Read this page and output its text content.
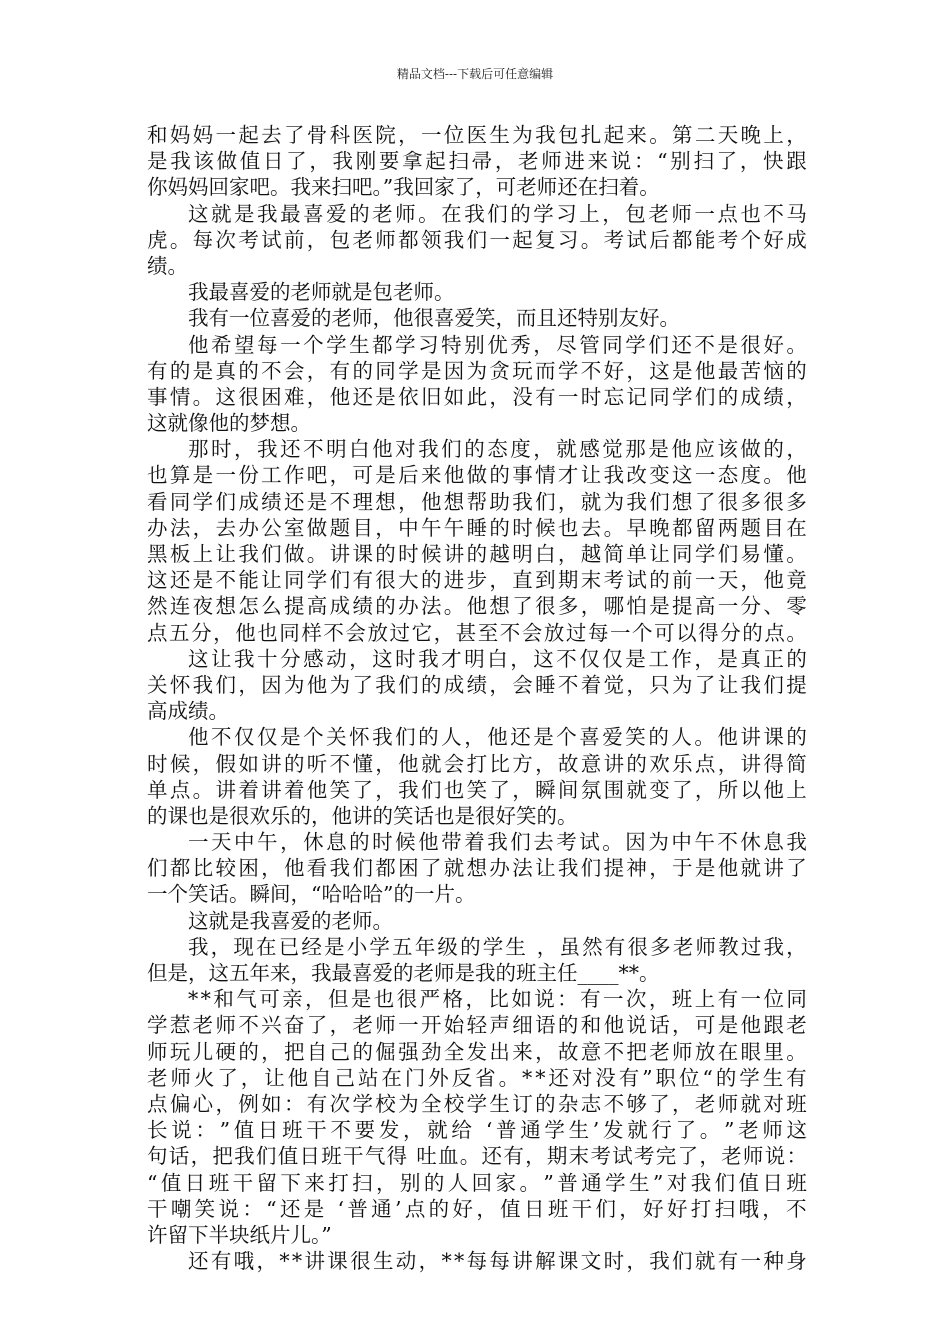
精品文档---下载后可任意编辑
和 妈 妈 一 起 去 了 骨 科 医 院 ， 一 位 医 生 为 我 包 扎 起 来 。 第 二 天 晚 上 ，
是 我 该 做 值 日 了 ， 我 刚 要 拿 起 扫 帚 ， 老 师 进 来 说 ： “ 别 扫 了 ， 快 跟
你妈妈回家吧。我来扫吧。”我回家了，可老师还在扫着。
这 就 是 我 最 喜 爱 的 老 师 。 在 我 们 的 学 习 上 ， 包 老 师 一 点 也 不 马
虎 。 每 次 考 试 前 ， 包 老 师 都 领 我 们 一 起 复 习 。 考 试 后 都 能 考 个 好 成
绩。
我最喜爱的老师就是包老师。
我有一位喜爱的老师，他很喜爱笑，而且还特别友好。
他 希 望 每 一 个 学 生 都 学 习 特 别 优 秀 ， 尽 管 同 学 们 还 不 是 很 好 。
有 的 是 真 的 不 会 ， 有 的 同 学 是 因 为 贪 玩 而 学 不 好 ， 这 是 他 最 苦 恼 的
事 情 。 这 很 困 难 ， 他 还 是 依 旧 如 此 ， 没 有 一 时 忘 记 同 学 们 的 成 绩 ，
这就像他的梦想。
那 时 ， 我 还 不 明 白 他 对 我 们 的 态 度 ， 就 感 觉 那 是 他 应 该 做 的 ，
也 算 是 一 份 工 作 吧 ， 可 是 后 来 他 做 的 事 情 才 让 我 改 变 这 一 态 度 。 他
看 同 学 们 成 绩 还 是 不 理 想 ， 他 想 帮 助 我 们 ， 就 为 我 们 想 了 很 多 很 多
办 法 ， 去 办 公 室 做 题 目 ， 中 午 午 睡 的 时 候 也 去 。 早 晚 都 留 两 题 目 在
黑 板 上 让 我 们 做 。 讲 课 的 时 候 讲 的 越 明 白 ， 越 简 单 让 同 学 们 易 懂 。
这 还 是 不 能 让 同 学 们 有 很 大 的 进 步 ， 直 到 期 末 考 试 的 前 一 天 ， 他 竟
然 连 夜 想 怎 么 提 高 成 绩 的 办 法 。 他 想 了 很 多 ， 哪 怕 是 提 高 一 分 、 零
点 五 分 ， 他 也 同 样 不 会 放 过 它 ， 甚 至 不 会 放 过 每 一 个 可 以 得 分 的 点 。
这 让 我 十 分 感 动 ， 这 时 我 才 明 白 ， 这 不 仅 仅 是 工 作 ， 是 真 正 的
关 怀 我 们 ， 因 为 他 为 了 我 们 的 成 绩 ， 会 睡 不 着 觉 ， 只 为 了 让 我 们 提
高成绩。
他 不 仅 仅 是 个 关 怀 我 们 的 人 ， 他 还 是 个 喜 爱 笑 的 人 。 他 讲 课 的
时 候 ， 假 如 讲 的 听 不 懂 ， 他 就 会 打 比 方 ， 故 意 讲 的 欢 乐 点 ， 讲 得 简
单 点 。 讲 着 讲 着 他 笑 了 ， 我 们 也 笑 了 ， 瞬 间 氛 围 就 变 了 ， 所 以 他 上
的课也是很欢乐的，他讲的笑话也是很好笑的。
一 天 中 午 ， 休 息 的 时 候 他 带 着 我 们 去 考 试 。 因 为 中 午 不 休 息 我
们 都 比 较 困 ， 他 看 我 们 都 困 了 就 想 办 法 让 我 们 提 神 ， 于 是 他 就 讲 了
一个笑话。瞬间，“哈哈哈”的一片。
这就是我喜爱的老师。
我 ， 现 在 已 经 是 小 学 五 年 级 的 学 生
， 虽 然 有 很 多 老 师 教 过 我 ，
但是，这五年来，我最喜爱的老师是我的班主任____**。
* * 和 气 可 亲 ， 但 是 也 很 严 格 ， 比 如 说 ： 有 一 次 ， 班 上 有 一 位 同
学 惹 老 师 不 兴 奋 了 ， 老 师 一 开 始 轻 声 细 语 的 和 他 说 话 ， 可 是 他 跟 老
师 玩 儿 硬 的 ， 把 自 己 的 倔 强 劲 全 发 出 来 ， 故 意 不 把 老 师 放 在 眼 里 。
老 师 火 了 ， 让 他 自 己 站 在 门 外 反 省 。 * * 还 对 没 有 ” 职 位 “ 的 学 生 有
点 偏 心 ， 例 如 ： 有 次 学 校 为 全 校 学 生 订 的 杂 志 不 够 了 ， 老 师 就 对 班
长 说 ： ” 值 日 班 干 不 要 发 ， 就 给
‘ 普 通 学 生 ’ 发 就 行 了 。 ” 老 师 这
句 话 ， 把 我 们 值 日 班 干 气 得
吐 血 。 还 有 ， 期 末 考 试 考 完 了 ， 老 师 说 ：
“ 值 日 班 干 留 下 来 打 扫 ， 别 的 人 回 家 。 ” 普 通 学 生 ” 对 我 们 值 日 班
干 嘲 笑 说 ： “ 还 是
‘ 普 通 ’ 点 的 好 ， 值 日 班 干 们 ， 好 好 打 扫 哦 ， 不
许留下半块纸片儿。”
还 有 哦 ， * * 讲 课 很 生 动 ， * * 每 每 讲 解 课 文 时 ， 我 们 就 有 一 种 身
